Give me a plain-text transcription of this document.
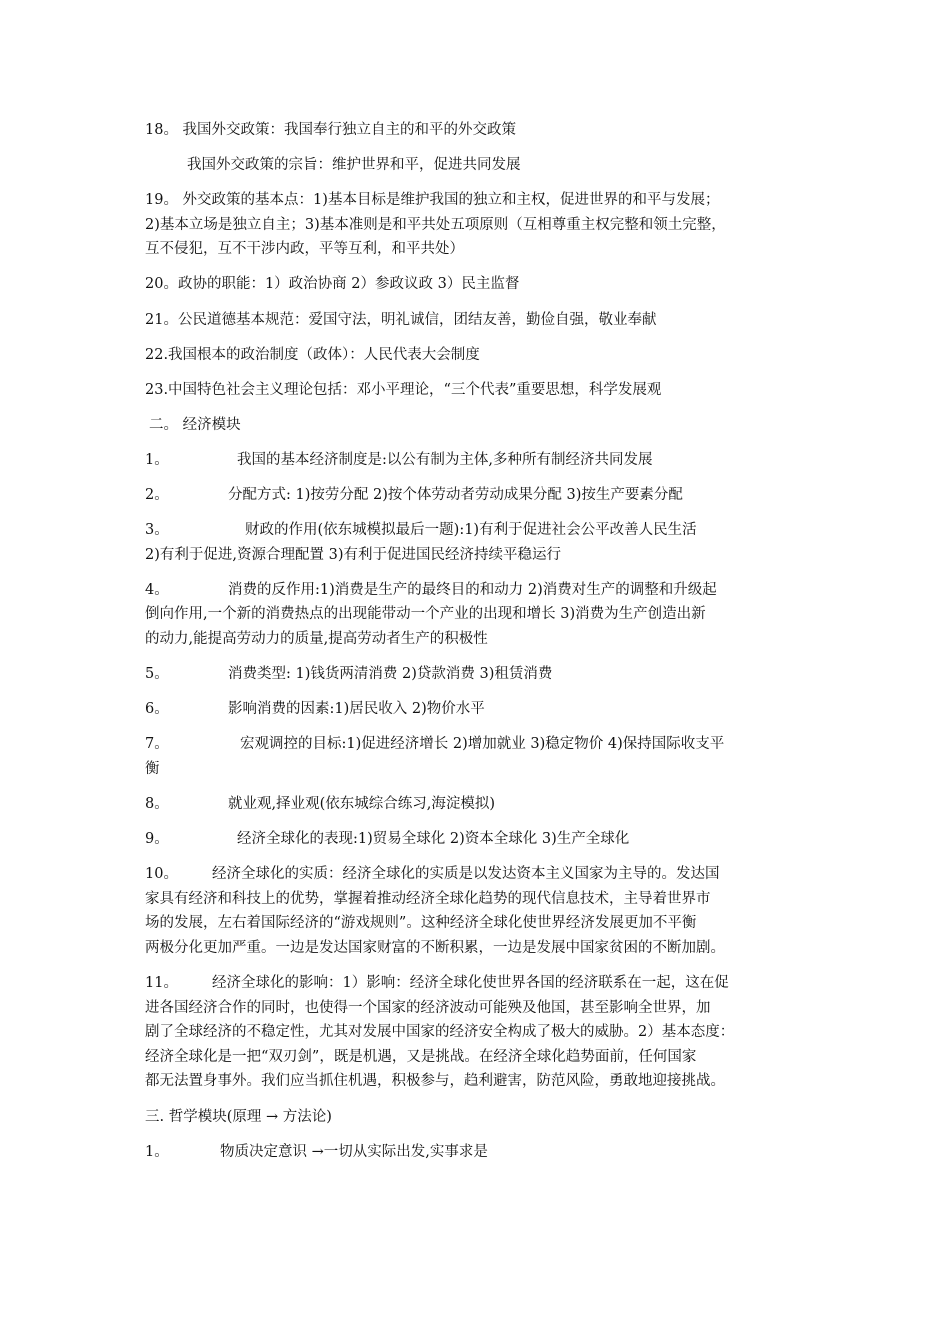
18。 我国外交政策：我国奉行独立自主的和平的外交政策

我国外交政策的宗旨：维护世界和平，促进共同发展

19。 外交政策的基本点：1)基本目标是维护我国的独立和主权，促进世界的和平与发展；
2)基本立场是独立自主；3)基本准则是和平共处五项原则（互相尊重主权完整和领土完整，
互不侵犯，互不干涉内政，平等互利，和平共处）

20。政协的职能：1）政治协商 2）参政议政 3）民主监督

21。公民道德基本规范：爱国守法，明礼诚信，团结友善，勤俭自强，敬业奉献

22.我国根本的政治制度（政体）：人民代表大会制度

23.中国特色社会主义理论包括：邓小平理论，“三个代表”重要思想，科学发展观

二。 经济模块

1。	我国的基本经济制度是:以公有制为主体,多种所有制经济共同发展

2。	分配方式: 1)按劳分配 2)按个体劳动者劳动成果分配 3)按生产要素分配

3。	财政的作用(依东城模拟最后一题):1)有利于促进社会公平改善人民生活
2)有利于促进,资源合理配置 3)有利于促进国民经济持续平稳运行

4。	消费的反作用:1)消费是生产的最终目的和动力 2)消费对生产的调整和升级起
倒向作用,一个新的消费热点的出现能带动一个产业的出现和增长 3)消费为生产创造出新
的动力,能提高劳动力的质量,提高劳动者生产的积极性

5。	消费类型: 1)钱货两清消费 2)贷款消费 3)租赁消费

6。	影响消费的因素:1)居民收入 2)物价水平

7。	宏观调控的目标:1)促进经济增长 2)增加就业 3)稳定物价 4)保持国际收支平
衡

8。	就业观,择业观(依东城综合练习,海淀模拟)

9。	经济全球化的表现:1)贸易全球化 2)资本全球化 3)生产全球化

10。 经济全球化的实质：经济全球化的实质是以发达资本主义国家为主导的。发达国
家具有经济和科技上的优势，掌握着推动经济全球化趋势的现代信息技术，主导着世界市
场的发展，左右着国际经济的“游戏规则”。这种经济全球化使世界经济发展更加不平衡
两极分化更加严重。一边是发达国家财富的不断积累，一边是发展中国家贫困的不断加剧。

11。 经济全球化的影响：1）影响：经济全球化使世界各国的经济联系在一起，这在促
进各国经济合作的同时，也使得一个国家的经济波动可能殃及他国，甚至影响全世界，加
剧了全球经济的不稳定性，尤其对发展中国家的经济安全构成了极大的威胁。2）基本态度：
经济全球化是一把“双刃剑”，既是机遇，又是挑战。在经济全球化趋势面前，任何国家
都无法置身事外。我们应当抓住机遇，积极参与，趋利避害，防范风险，勇敢地迎接挑战。

三. 哲学模块(原理 → 方法论)

1。	物质决定意识 →一切从实际出发,实事求是
